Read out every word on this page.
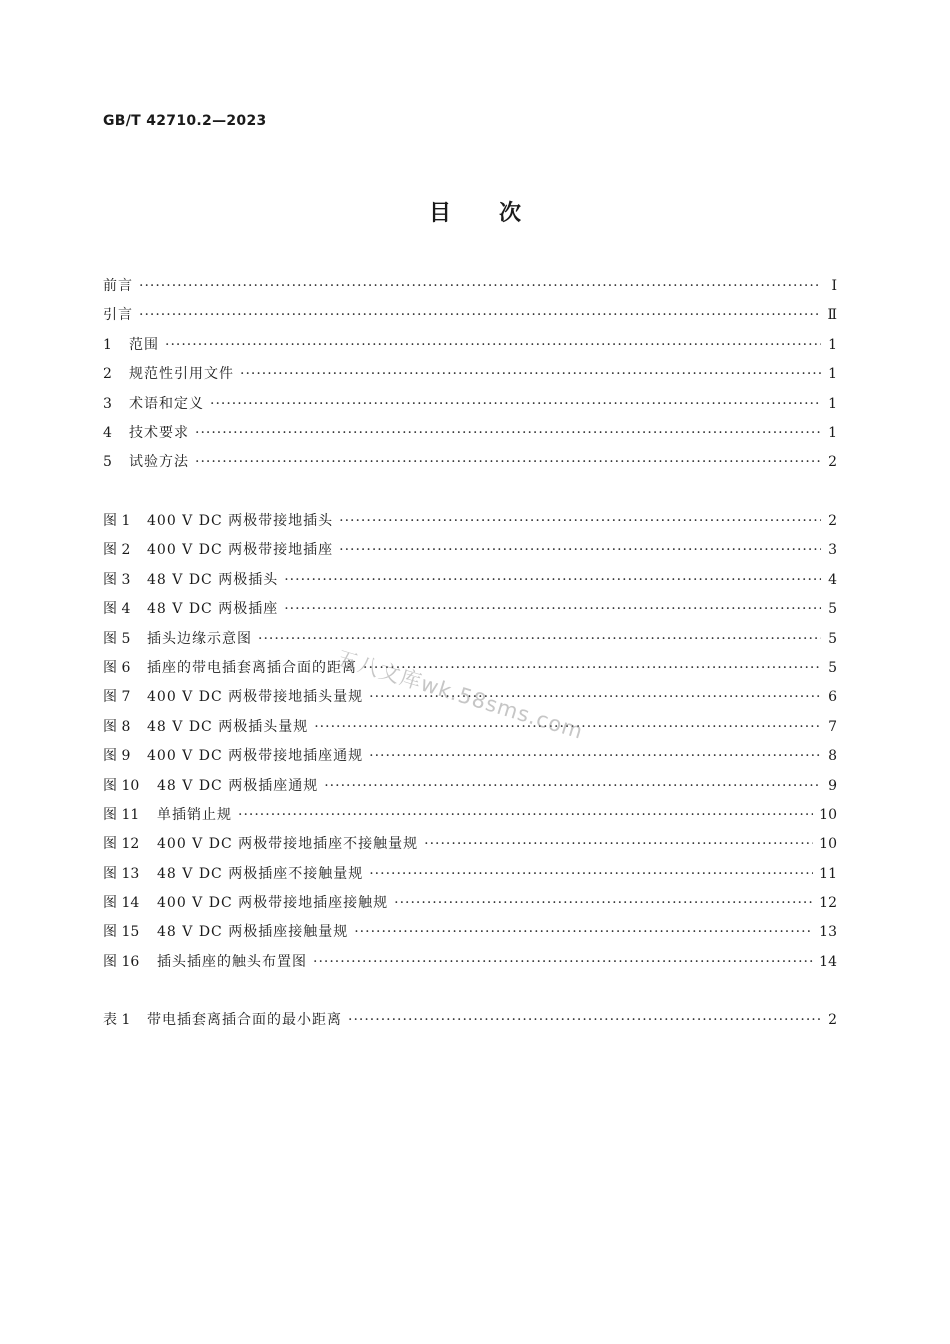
GB/T 42710.2—2023
目次
前言 ·····	Ⅰ
引言 ·····	Ⅱ
1	范围 ·····	1
2	规范性引用文件 ·····	1
3	术语和定义 ·····	1
4	技术要求 ·····	1
5	试验方法 ·····	2
图 1	400 V DC 两极带接地插头 ·····	2
图 2	400 V DC 两极带接地插座 ·····	3
图 3	48 V DC 两极插头 ·····	4
图 4	48 V DC 两极插座 ·····	5
图 5	插头边缘示意图 ·····	5
图 6	插座的带电插套离插合面的距离 ·····	5
图 7	400 V DC 两极带接地插头量规 ·····	6
图 8	48 V DC 两极插头量规 ·····	7
图 9	400 V DC 两极带接地插座通规 ·····	8
图 10	48 V DC 两极插座通规 ·····	9
图 11	单插销止规 ·····	10
图 12	400 V DC 两极带接地插座不接触量规 ·····	10
图 13	48 V DC 两极插座不接触量规 ·····	11
图 14	400 V DC 两极带接地插座接触规 ·····	12
图 15	48 V DC 两极插座接触量规 ·····	13
图 16	插头插座的触头布置图 ·····	14
表 1	带电插套离插合面的最小距离 ·····	2
五八文库wk.58sms.com
